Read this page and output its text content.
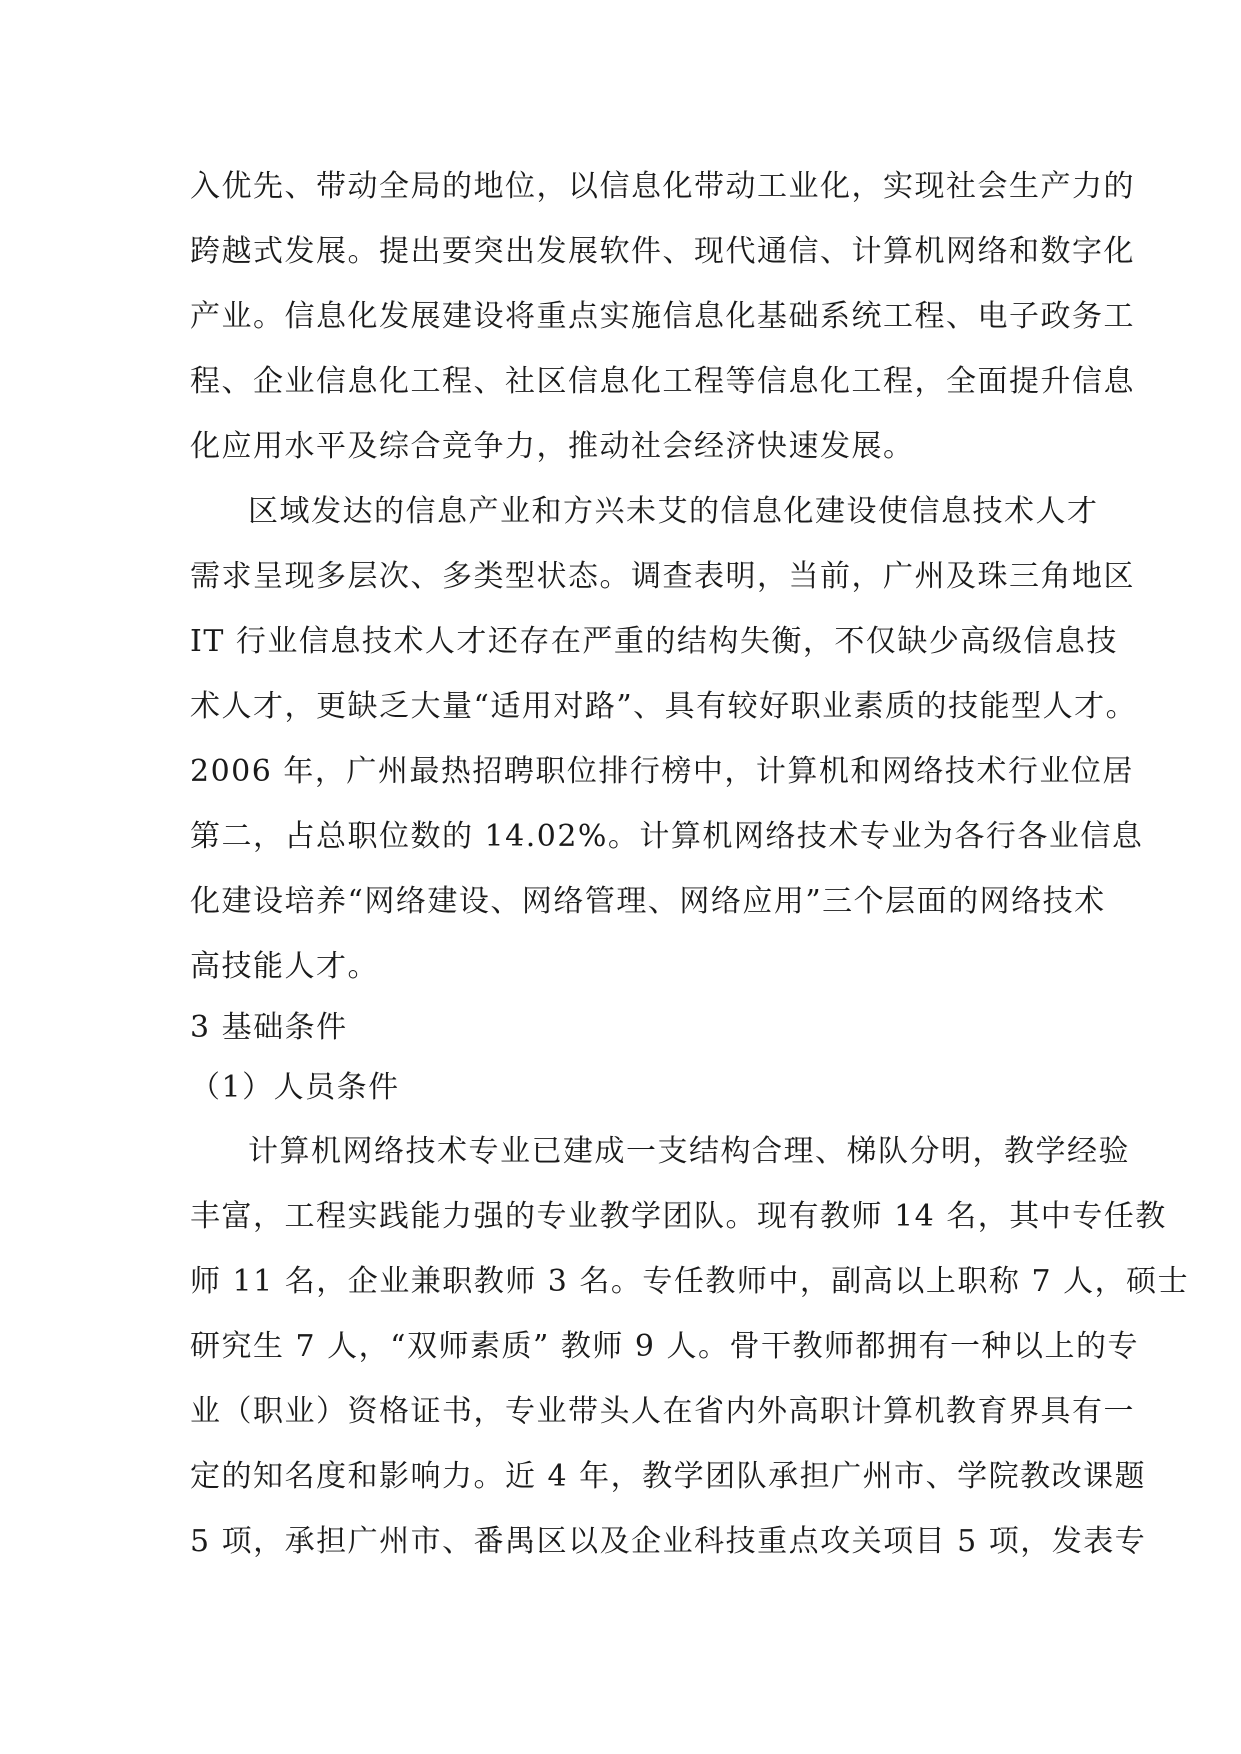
入优先、带动全局的地位，以信息化带动工业化，实现社会生产力的
跨越式发展。提出要突出发展软件、现代通信、计算机网络和数字化
产业。信息化发展建设将重点实施信息化基础系统工程、电子政务工
程、企业信息化工程、社区信息化工程等信息化工程，全面提升信息
化应用水平及综合竞争力，推动社会经济快速发展。
区域发达的信息产业和方兴未艾的信息化建设使信息技术人才
需求呈现多层次、多类型状态。调查表明，当前，广州及珠三角地区
IT 行业信息技术人才还存在严重的结构失衡，不仅缺少高级信息技
术人才，更缺乏大量“适用对路”、具有较好职业素质的技能型人才。
2006 年，广州最热招聘职位排行榜中，计算机和网络技术行业位居
第二，占总职位数的 14.02%。计算机网络技术专业为各行各业信息
化建设培养“网络建设、网络管理、网络应用”三个层面的网络技术
高技能人才。
3 基础条件
（1）人员条件
计算机网络技术专业已建成一支结构合理、梯队分明，教学经验
丰富，工程实践能力强的专业教学团队。现有教师 14 名，其中专任教
师 11 名，企业兼职教师 3 名。专任教师中，副高以上职称 7 人，硕士
研究生 7 人，“双师素质” 教师 9 人。骨干教师都拥有一种以上的专
业（职业）资格证书，专业带头人在省内外高职计算机教育界具有一
定的知名度和影响力。近 4 年，教学团队承担广州市、学院教改课题
5 项，承担广州市、番禺区以及企业科技重点攻关项目 5 项，发表专
